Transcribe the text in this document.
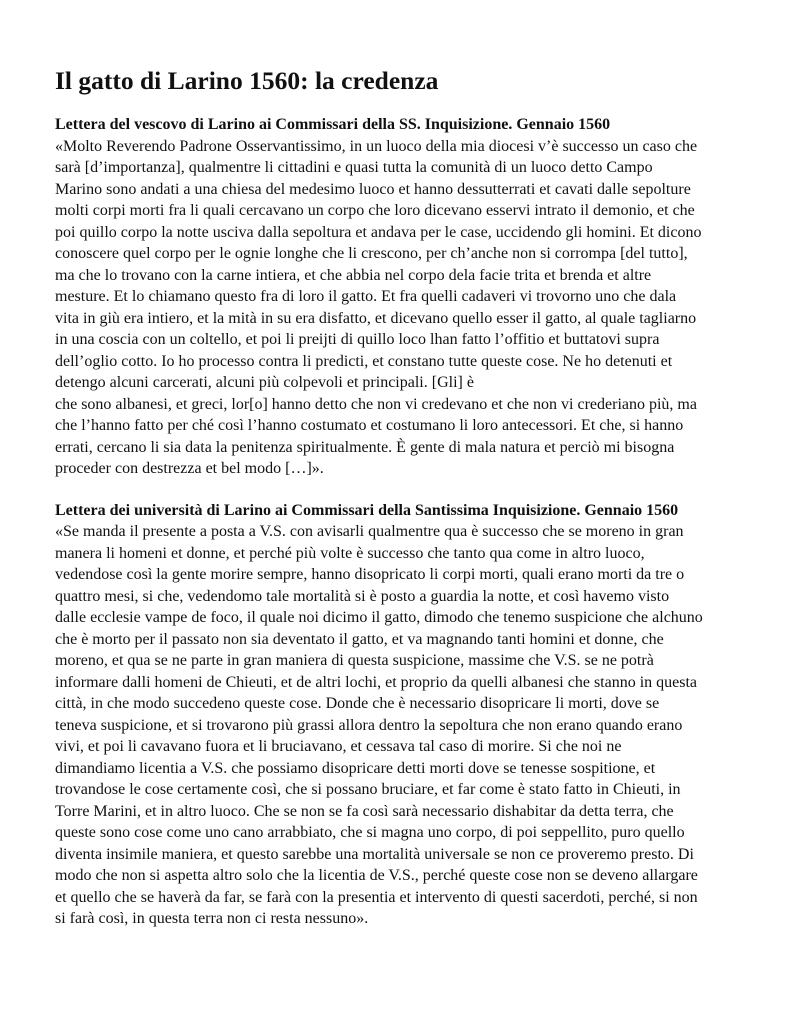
Il gatto di Larino 1560: la credenza
Lettera del vescovo di Larino ai Commissari della SS. Inquisizione. Gennaio 1560
«Molto Reverendo Padrone Osservantissimo, in un luoco della mia diocesi v’è successo un caso che
sarà [d’importanza], qualmentre li cittadini e quasi tutta la comunità di un luoco detto Campo
Marino sono andati a una chiesa del medesimo luoco et hanno dessutterrati et cavati dalle sepolture
molti corpi morti fra li quali cercavano un corpo che loro dicevano esservi intrato il demonio, et che
poi quillo corpo la notte usciva dalla sepoltura et andava per le case, uccidendo gli homini. Et dicono
conoscere quel corpo per le ognie longhe che li crescono, per ch’anche non si corrompa [del tutto],
ma che lo trovano con la carne intiera, et che abbia nel corpo dela facie trita et brenda et altre
mesture. Et lo chiamano questo fra di loro il gatto. Et fra quelli cadaveri vi trovorno uno che dala
vita in giù era intiero, et la mità in su era disfatto, et dicevano quello esser il gatto, al quale tagliarno
in una coscia con un coltello, et poi li preijti di quillo loco lhan fatto l’offitio et buttatovi supra
dell’oglio cotto. Io ho processo contra li predicti, et constano tutte queste cose. Ne ho detenuti et
detengo alcuni carcerati, alcuni più colpevoli et principali. [Gli] è
che sono albanesi, et greci, lor[o] hanno detto che non vi credevano et che non vi crederiano più, ma
che l’hanno fatto per ché così l’hanno costumato et costumano li loro antecessori. Et che, si hanno
errati, cercano li sia data la penitenza spiritualmente. È gente di mala natura et perciò mi bisogna
proceder con destrezza et bel modo […]».
Lettera dei università di Larino ai Commissari della Santissima Inquisizione. Gennaio 1560
«Se manda il presente a posta a V.S. con avisarli qualmentre qua è successo che se moreno in gran
manera li homeni et donne, et perché più volte è successo che tanto qua come in altro luoco,
vedendose così la gente morire sempre, hanno disopricato li corpi morti, quali erano morti da tre o
quattro mesi, si che, vedendomo tale mortalità si è posto a guardia la notte, et così havemo visto
dalle ecclesie vampe de foco, il quale noi dicimo il gatto, dimodo che tenemo suspicione che alchuno
che è morto per il passato non sia deventato il gatto, et va magnando tanti homini et donne, che
moreno, et qua se ne parte in gran maniera di questa suspicione, massime che V.S. se ne potrà
informare dalli homeni de Chieuti, et de altri lochi, et proprio da quelli albanesi che stanno in questa
città, in che modo succedeno queste cose. Donde che è necessario disopricare li morti, dove se
teneva suspicione, et si trovarono più grassi allora dentro la sepoltura che non erano quando erano
vivi, et poi li cavavano fuora et li bruciavano, et cessava tal caso di morire. Si che noi ne
dimandiamo licentia a V.S. che possiamo disopricare detti morti dove se tenesse sospitione, et
trovandose le cose certamente così, che si possano bruciare, et far come è stato fatto in Chieuti, in
Torre Marini, et in altro luoco. Che se non se fa così sarà necessario dishabitar da detta terra, che
queste sono cose come uno cano arrabbiato, che si magna uno corpo, di poi seppellito, puro quello
diventa insimile maniera, et questo sarebbe una mortalità universale se non ce proveremo presto. Di
modo che non si aspetta altro solo che la licentia de V.S., perché queste cose non se deveno allargare
et quello che se haverà da far, se farà con la presentia et intervento di questi sacerdoti, perché, si non
si farà così, in questa terra non ci resta nessuno».
